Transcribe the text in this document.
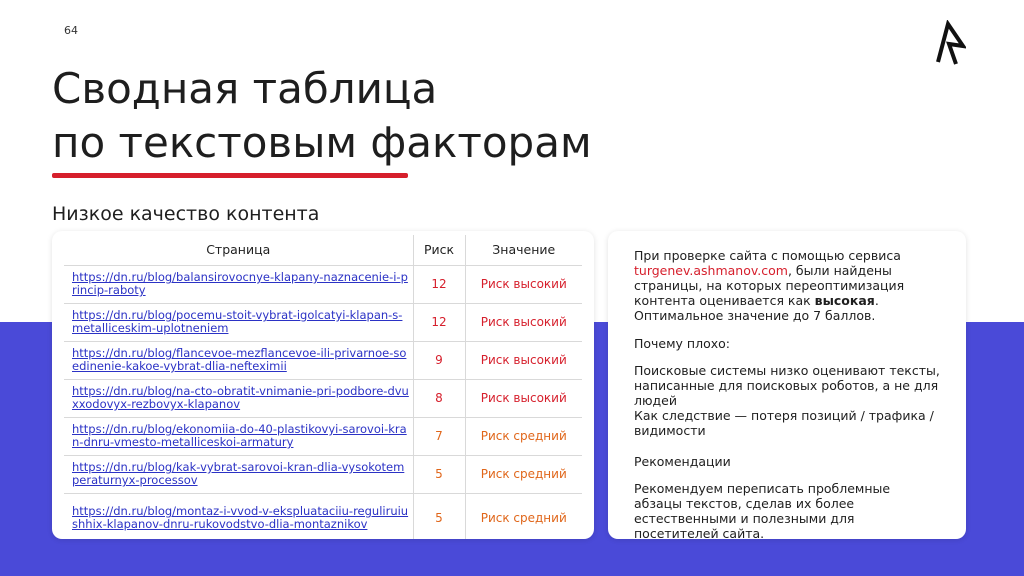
64
Сводная таблица
по текстовым факторам
Низкое качество контента
Страница	Риск	Значение
https://dn.ru/blog/balansirovocnye-klapany-naznacenie-i-princip-raboty	12	Риск высокий
https://dn.ru/blog/pocemu-stoit-vybrat-igolcatyi-klapan-s-metalliceskim-uplotneniem	12	Риск высокий
https://dn.ru/blog/flancevoe-mezflancevoe-ili-privarnoe-soedinenie-kakoe-vybrat-dlia-nefteximii	9	Риск высокий
https://dn.ru/blog/na-cto-obratit-vnimanie-pri-podbore-dvuxxodovyx-rezbovyx-klapanov	8	Риск высокий
https://dn.ru/blog/ekonomiia-do-40-plastikovyi-sarovoi-kran-dnru-vmesto-metalliceskoi-armatury	7	Риск средний
https://dn.ru/blog/kak-vybrat-sarovoi-kran-dlia-vysokotemperaturnyx-processov	5	Риск средний
https://dn.ru/blog/montaz-i-vvod-v-ekspluataciiu-reguliruiushhix-klapanov-dnru-rukovodstvo-dlia-montaznikov	5	Риск средний

При проверке сайта с помощью сервиса turgenev.ashmanov.com, были найдены страницы, на которых переоптимизация контента оценивается как высокая. Оптимальное значение до 7 баллов.

Почему плохо:

Поисковые системы низко оценивают тексты, написанные для поисковых роботов, а не для людей

Как следствие — потеря позиций / трафика / видимости

Рекомендации

Рекомендуем переписать проблемные абзацы текстов, сделав их более естественными и полезными для посетителей сайта.
